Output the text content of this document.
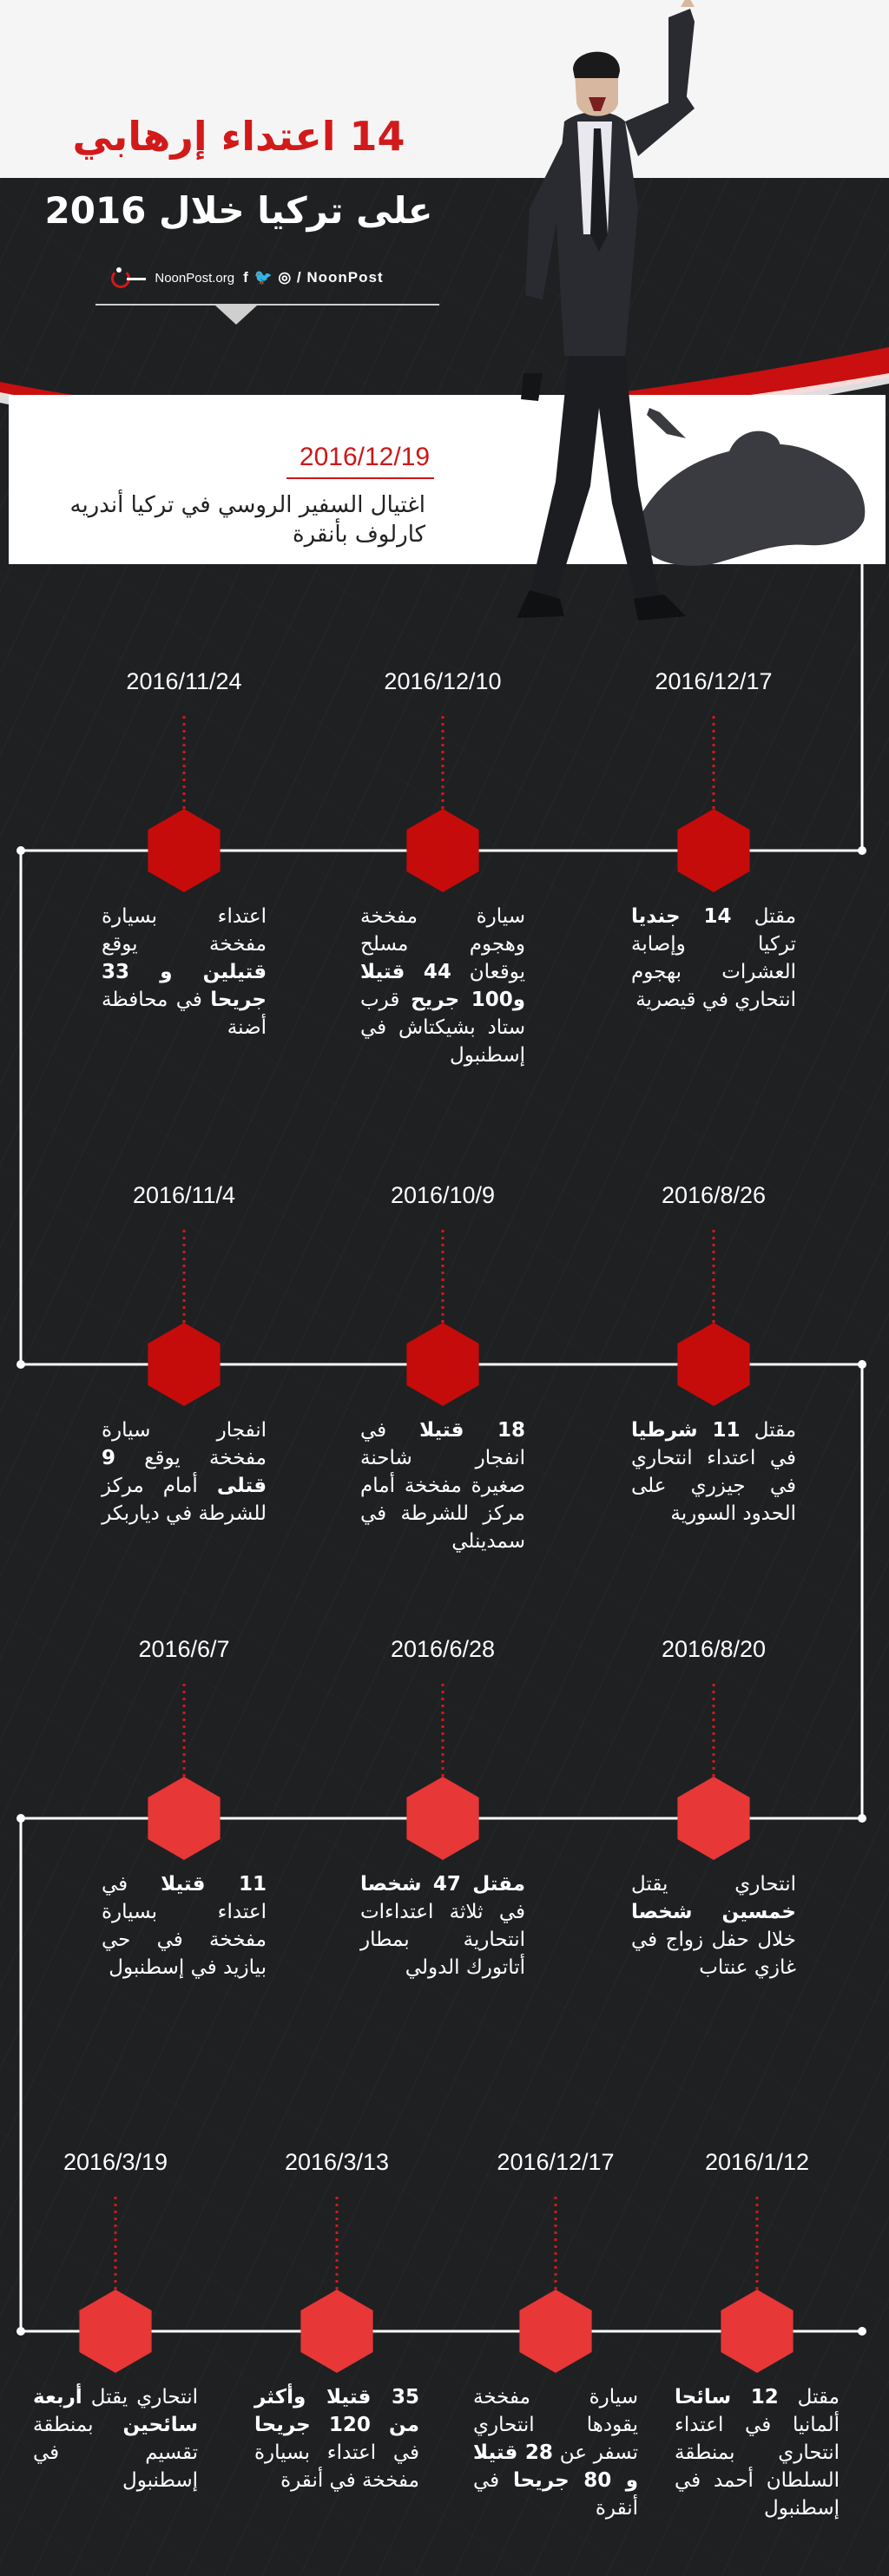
14 اعتداء إرهابي
على تركيا خلال 2016
NoonPost.org f 🐦 ◎ / NoonPost
2016/12/19
اغتيال السفير الروسي في تركيا أندريه كارلوف بأنقرة
2016/12/17
مقتل 14 جنديا تركيا وإصابة العشرات بهجوم انتحاري في قيصرية
2016/12/10
سيارة مفخخة وهجوم مسلح يوقعان 44 قتيلا و100 جريح قرب ستاد بشيكتاش في إسطنبول
2016/11/24
اعتداء بسيارة مفخخة يوقع قتيلين و 33 جريحا في محافظة أضنة
2016/8/26
مقتل 11 شرطيا في اعتداء انتحاري في جيزري على الحدود السورية
2016/10/9
18 قتيلا في انفجار شاحنة صغيرة مفخخة أمام مركز للشرطة في سمدينلي
2016/11/4
انفجار سيارة مفخخة يوقع 9 قتلى أمام مركز للشرطة في دياربكر
2016/8/20
انتحاري يقتل خمسين شخصا خلال حفل زواج في غازي عنتاب
2016/6/28
مقتل 47 شخصا في ثلاثة اعتداءات انتحارية بمطار أتاتورك الدولي
2016/6/7
11 قتيلا في اعتداء بسيارة مفخخة في حي بيازيد في إسطنبول
2016/1/12
مقتل 12 سائحا ألمانيا في اعتداء انتحاري بمنطقة السلطان أحمد في إسطنبول
2016/12/17
سيارة مفخخة يقودها انتحاري تسفر عن 28 قتيلا و 80 جريحا في أنقرة
2016/3/13
35 قتيلا وأكثر من 120 جريحا في اعتداء بسيارة مفخخة في أنقرة
2016/3/19
انتحاري يقتل أربعة سائحين بمنطقة تقسيم في إسطنبول
